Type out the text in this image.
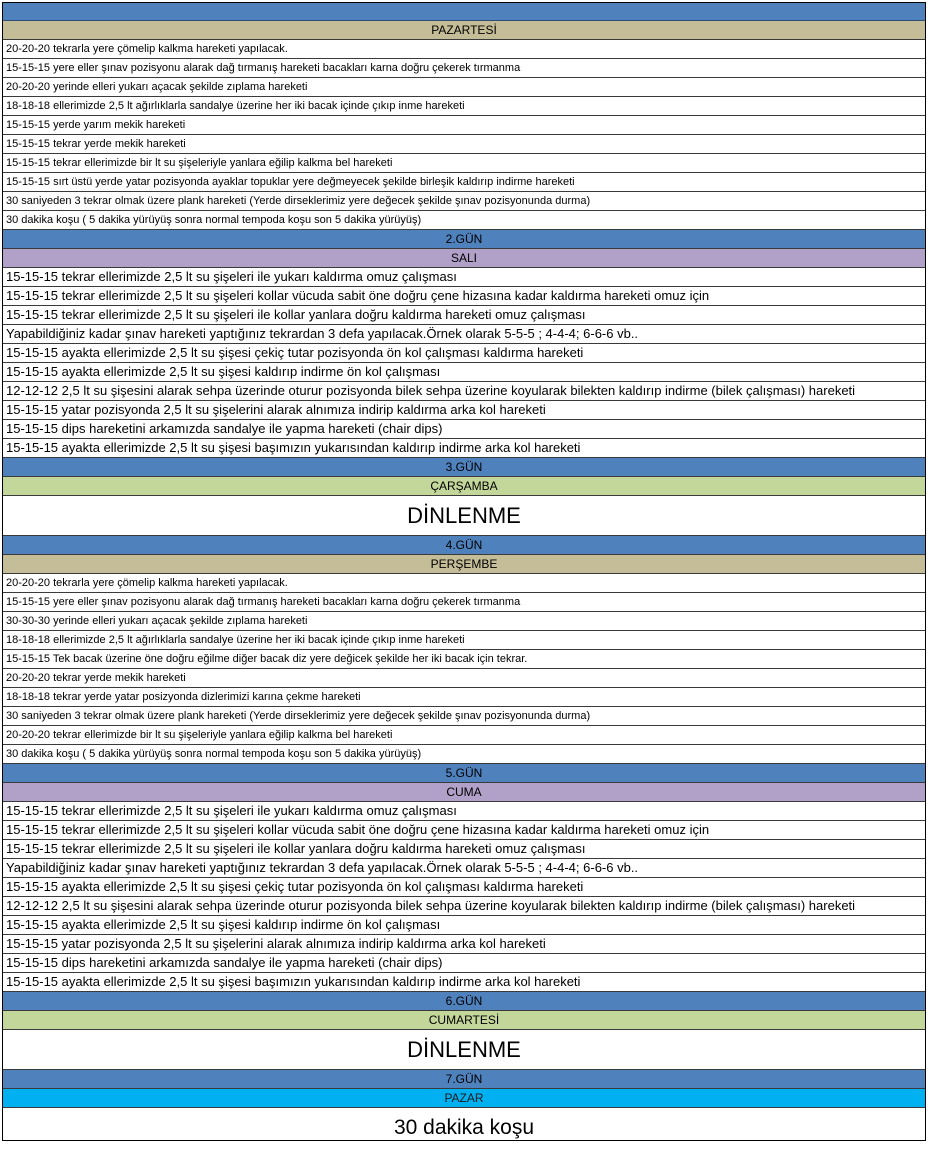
PAZARTESİ
20-20-20 tekrarla yere çömelip kalkma hareketi yapılacak.
15-15-15 yere eller şınav pozisyonu alarak dağ tırmanış hareketi bacakları karna doğru çekerek tırmanma
20-20-20 yerinde elleri yukarı açacak şekilde zıplama hareketi
18-18-18 ellerimizde 2,5 lt ağırlıklarla sandalye üzerine her iki bacak içinde çıkıp inme hareketi
15-15-15 yerde yarım mekik hareketi
15-15-15 tekrar yerde mekik hareketi
15-15-15 tekrar ellerimizde bir lt su şişeleriyle yanlara eğilip kalkma bel hareketi
15-15-15 sırt üstü yerde yatar pozisyonda ayaklar topuklar yere değmeyecek şekilde birleşik kaldırıp indirme hareketi
30 saniyeden 3 tekrar olmak üzere plank hareketi (Yerde dirseklerimiz yere değecek şekilde şınav pozisyonunda durma)
30 dakika koşu ( 5 dakika yürüyüş sonra normal tempoda koşu son 5 dakika yürüyüş)
2.GÜN
SALI
15-15-15 tekrar ellerimizde 2,5 lt su şişeleri ile yukarı kaldırma omuz çalışması
15-15-15 tekrar ellerimizde 2,5 lt su şişeleri kollar vücuda sabit öne doğru çene hizasına kadar kaldırma hareketi omuz için
15-15-15 tekrar ellerimizde 2,5 lt su şişeleri ile kollar yanlara doğru kaldırma hareketi omuz çalışması
Yapabildiğiniz kadar şınav hareketi yaptığınız tekrardan 3 defa yapılacak.Örnek olarak 5-5-5 ; 4-4-4; 6-6-6 vb..
15-15-15 ayakta ellerimizde 2,5 lt su şişesi çekiç tutar pozisyonda ön kol çalışması kaldırma hareketi
15-15-15 ayakta ellerimizde 2,5 lt su şişesi kaldırıp indirme ön kol çalışması
12-12-12 2,5 lt su şişesini alarak sehpa üzerinde oturur pozisyonda bilek sehpa üzerine koyularak bilekten kaldırıp indirme (bilek çalışması) hareketi
15-15-15 yatar pozisyonda 2,5 lt su şişelerini alarak alnımıza indirip kaldırma arka kol hareketi
15-15-15 dips hareketini arkamızda sandalye ile yapma hareketi (chair dips)
15-15-15 ayakta ellerimizde 2,5 lt su şişesi başımızın yukarısından kaldırıp indirme arka kol hareketi
3.GÜN
ÇARŞAMBA
DİNLENME
4.GÜN
PERŞEMBE
20-20-20 tekrarla yere çömelip kalkma hareketi yapılacak.
15-15-15 yere eller şınav pozisyonu alarak dağ tırmanış hareketi bacakları karna doğru çekerek tırmanma
30-30-30 yerinde elleri yukarı açacak şekilde zıplama hareketi
18-18-18 ellerimizde 2,5 lt ağırlıklarla sandalye üzerine her iki bacak içinde çıkıp inme hareketi
15-15-15 Tek bacak üzerine öne doğru eğilme diğer bacak diz yere değicek şekilde her iki bacak için tekrar.
20-20-20 tekrar yerde mekik hareketi
18-18-18 tekrar yerde yatar posizyonda dizlerimizi karına çekme hareketi
30 saniyeden 3 tekrar olmak üzere plank hareketi (Yerde dirseklerimiz yere değecek şekilde şınav pozisyonunda durma)
20-20-20 tekrar ellerimizde bir lt su şişeleriyle yanlara eğilip kalkma bel hareketi
30 dakika koşu ( 5 dakika yürüyüş sonra normal tempoda koşu son 5 dakika yürüyüş)
5.GÜN
CUMA
15-15-15 tekrar ellerimizde 2,5 lt su şişeleri ile yukarı kaldırma omuz çalışması
15-15-15 tekrar ellerimizde 2,5 lt su şişeleri kollar vücuda sabit öne doğru çene hizasına kadar kaldırma hareketi omuz için
15-15-15 tekrar ellerimizde 2,5 lt su şişeleri ile kollar yanlara doğru kaldırma hareketi omuz çalışması
Yapabildiğiniz kadar şınav hareketi yaptığınız tekrardan 3 defa yapılacak.Örnek olarak 5-5-5 ; 4-4-4; 6-6-6 vb..
15-15-15 ayakta ellerimizde 2,5 lt su şişesi çekiç tutar pozisyonda ön kol çalışması kaldırma hareketi
12-12-12 2,5 lt su şişesini alarak sehpa üzerinde oturur pozisyonda bilek sehpa üzerine koyularak bilekten kaldırıp indirme (bilek çalışması) hareketi
15-15-15 ayakta ellerimizde 2,5 lt su şişesi kaldırıp indirme ön kol çalışması
15-15-15 yatar pozisyonda 2,5 lt su şişelerini alarak alnımıza indirip kaldırma arka kol hareketi
15-15-15 dips hareketini arkamızda sandalye ile yapma hareketi (chair dips)
15-15-15 ayakta ellerimizde 2,5 lt su şişesi başımızın yukarısından kaldırıp indirme arka kol hareketi
6.GÜN
CUMARTESİ
DİNLENME
7.GÜN
PAZAR
30 dakika koşu
